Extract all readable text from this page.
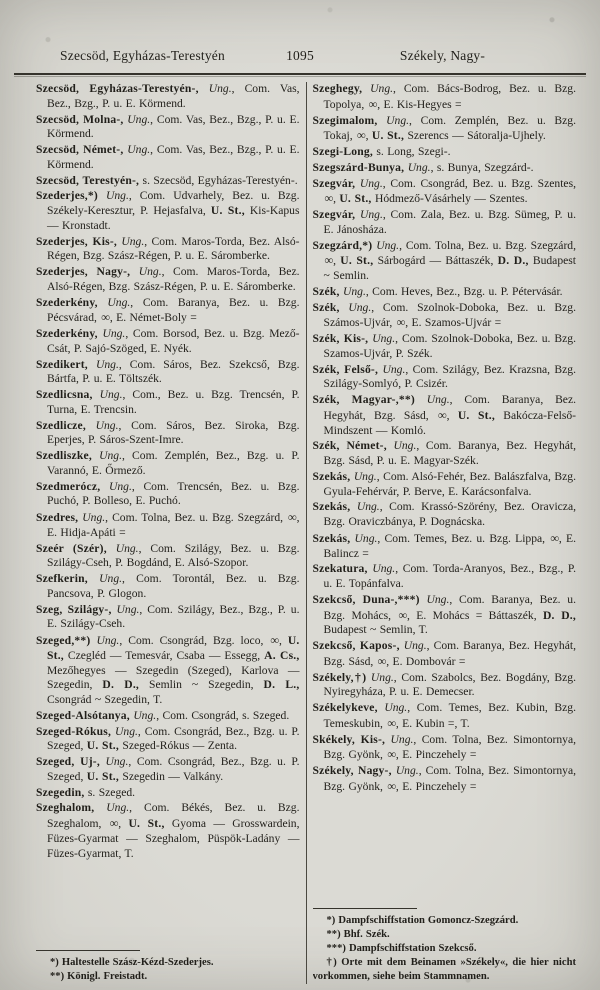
Szecsöd, Egyházas-Terestyén	1095	Székely, Nagy-
Szecsöd, Egyházas-Terestyén-, Ung., Com. Vas, Bez., Bzg., P. u. E. Körmend.
Szecsöd, Molna-, Ung., Com. Vas, Bez., Bzg., P. u. E. Körmend.
Szecsöd, Német-, Ung., Com. Vas, Bez., Bzg., P. u. E. Körmend.
Szecsöd, Terestyén-, s. Szecsöd, Egyházas-Terestyén-.
Szederjes,*) Ung., Com. Udvarhely, Bez. u. Bzg. Székely-Keresztur, P. Hejasfalva, U. St., Kis-Kapus — Kronstadt.
Szederjes, Kis-, Ung., Com. Maros-Torda, Bez. Alsó-Régen, Bzg. Szász-Régen, P. u. E. Sáromberke.
Szederjes, Nagy-, Ung., Com. Maros-Torda, Bez. Alsó-Régen, Bzg. Szász-Régen, P. u. E. Sáromberke.
Szederkény, Ung., Com. Baranya, Bez. u. Bzg. Pécsvárad, ∞, E. Német-Boly =
Szederkény, Ung., Com. Borsod, Bez. u. Bzg. Mező-Csát, P. Sajó-Szöged, E. Nyék.
Szedikert, Ung., Com. Sáros, Bez. Szekcső, Bzg. Bártfa, P. u. E. Töltszék.
Szedlicsna, Ung., Com., Bez. u. Bzg. Trencsén, P. Turna, E. Trencsin.
Szedlicze, Ung., Com. Sáros, Bez. Siroka, Bzg. Eperjes, P. Sáros-Szent-Imre.
Szedliszke, Ung., Com. Zemplén, Bez., Bzg. u. P. Varannó, E. Őrmező.
Szedmerócz, Ung., Com. Trencsén, Bez. u. Bzg. Puchó, P. Bolleso, E. Puchó.
Szedres, Ung., Com. Tolna, Bez. u. Bzg. Szegzárd, ∞, E. Hidja-Apáti =
Szeér (Szér), Ung., Com. Szilágy, Bez. u. Bzg. Szilágy-Cseh, P. Bogdánd, E. Alsó-Szopor.
Szefkerin, Ung., Com. Torontál, Bez. u. Bzg. Pancsova, P. Glogon.
Szeg, Szilágy-, Ung., Com. Szilágy, Bez., Bzg., P. u. E. Szilágy-Cseh.
Szeged,**) Ung., Com. Csongrád, Bzg. loco, ∞, U. St., Czegléd — Temesvár, Csaba — Essegg, A. Cs., Mezőhegyes — Szegedin (Szeged), Karlova — Szegedin, D. D., Semlin ~ Szegedin, D. L., Csongrád ~ Szegedin, T.
Szeged-Alsótanya, Ung., Com. Csongrád, s. Szeged.
Szeged-Rókus, Ung., Com. Csongrád, Bez., Bzg. u. P. Szeged, U. St., Szeged-Rókus — Zenta.
Szeged, Uj-, Ung., Com. Csongrád, Bez., Bzg. u. P. Szeged, U. St., Szegedin — Valkány.
Szegedin, s. Szeged.
Szeghalom, Ung., Com. Békés, Bez. u. Bzg. Szeghalom, ∞, U. St., Gyoma — Grosswardein, Füzes-Gyarmat — Szeghalom, Püspök-Ladány — Füzes-Gyarmat, T.
*) Haltestelle Szász-Kézd-Szederjes.
**) Königl. Freistadt.
Szeghegy, Ung., Com. Bács-Bodrog, Bez. u. Bzg. Topolya, ∞, E. Kis-Hegyes =
Szegimalom, Ung., Com. Zemplén, Bez. u. Bzg. Tokaj, ∞, U. St., Szerencs — Sátoralja-Ujhely.
Szegi-Long, s. Long, Szegi-.
Szegszárd-Bunya, Ung., s. Bunya, Szegzárd-.
Szegvár, Ung., Com. Csongrád, Bez. u. Bzg. Szentes, ∞, U. St., Hódmező-Vásárhely — Szentes.
Szegvár, Ung., Com. Zala, Bez. u. Bzg. Sümeg, P. u. E. Jánosháza.
Szegzárd,*) Ung., Com. Tolna, Bez. u. Bzg. Szegzárd, ∞, U. St., Sárbogárd — Báttaszék, D. D., Budapest ~ Semlin.
Szék, Ung., Com. Heves, Bez., Bzg. u. P. Pétervásár.
Szék, Ung., Com. Szolnok-Doboka, Bez. u. Bzg. Számos-Ujvár, ∞, E. Szamos-Ujvár =
Szék, Kis-, Ung., Com. Szolnok-Doboka, Bez. u. Bzg. Szamos-Ujvár, P. Szék.
Szék, Felső-, Ung., Com. Szilágy, Bez. Krazsna, Bzg. Szilágy-Somlyó, P. Csizér.
Szék, Magyar-,**) Ung., Com. Baranya, Bez. Hegyhát, Bzg. Sásd, ∞, U. St., Bakócza-Felső-Mindszent — Komló.
Szék, Német-, Ung., Com. Baranya, Bez. Hegyhát, Bzg. Sásd, P. u. E. Magyar-Szék.
Szekás, Ung., Com. Alsó-Fehér, Bez. Balászfalva, Bzg. Gyula-Fehérvár, P. Berve, E. Karácsonfalva.
Szekás, Ung., Com. Krassó-Szörény, Bez. Oravicza, Bzg. Oraviczbánya, P. Dognácska.
Szekás, Ung., Com. Temes, Bez. u. Bzg. Lippa, ∞, E. Balincz =
Szekatura, Ung., Com. Torda-Aranyos, Bez., Bzg., P. u. E. Topánfalva.
Szekcső, Duna-,***) Ung., Com. Baranya, Bez. u. Bzg. Mohács, ∞, E. Mohács = Báttaszék, D. D., Budapest ~ Semlin, T.
Szekcső, Kapos-, Ung., Com. Baranya, Bez. Hegyhát, Bzg. Sásd, ∞, E. Dombovár =
Székely,†) Ung., Com. Szabolcs, Bez. Bogdány, Bzg. Nyiregyháza, P. u. E. Demecser.
Székelykeve, Ung., Com. Temes, Bez. Kubin, Bzg. Temeskubin, ∞, E. Kubin =, T.
Skékely, Kis-, Ung., Com. Tolna, Bez. Simontornya, Bzg. Gyönk, ∞, E. Pinczehely =
Székely, Nagy-, Ung., Com. Tolna, Bez. Simontornya, Bzg. Gyönk, ∞, E. Pinczehely =
*) Dampfschiffstation Gomoncz-Szegzárd.
**) Bhf. Szék.
***) Dampfschiffstation Szekcső.
†) Orte mit dem Beinamen »Székely«, die hier nicht vorkommen, siehe beim Stammnamen.
